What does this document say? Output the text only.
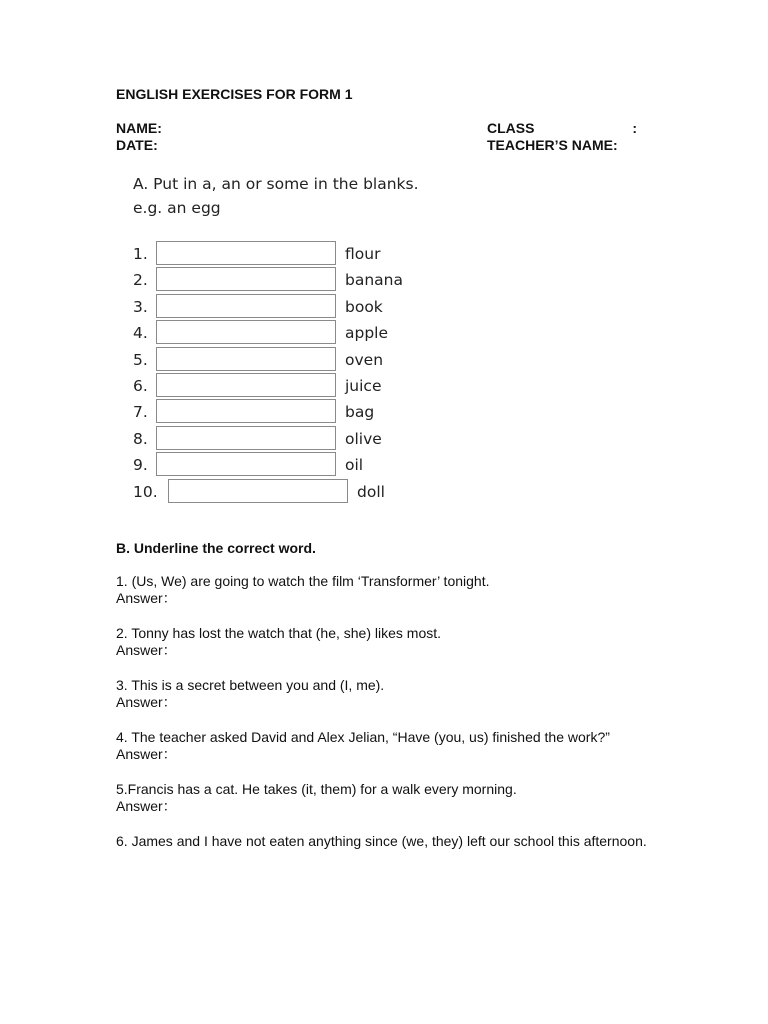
ENGLISH EXERCISES FOR FORM 1
NAME:
DATE:
CLASS	:
TEACHER’S NAME:
A. Put in a, an or some in the blanks.
e.g. an egg
1.	flour
2.	banana
3.	book
4.	apple
5.	oven
6.	juice
7.	bag
8.	olive
9.	oil
10.	doll
B. Underline the correct word.
1. (Us, We) are going to watch the film ‘Transformer’ tonight.
Answer：
2. Tonny has lost the watch that (he, she) likes most.
Answer：
3. This is a secret between you and (I, me).
Answer：
4. The teacher asked David and Alex Jelian, “Have (you, us) finished the work?”
Answer：
5.Francis has a cat. He takes (it, them) for a walk every morning.
Answer：
6. James and I have not eaten anything since (we, they) left our school this afternoon.
